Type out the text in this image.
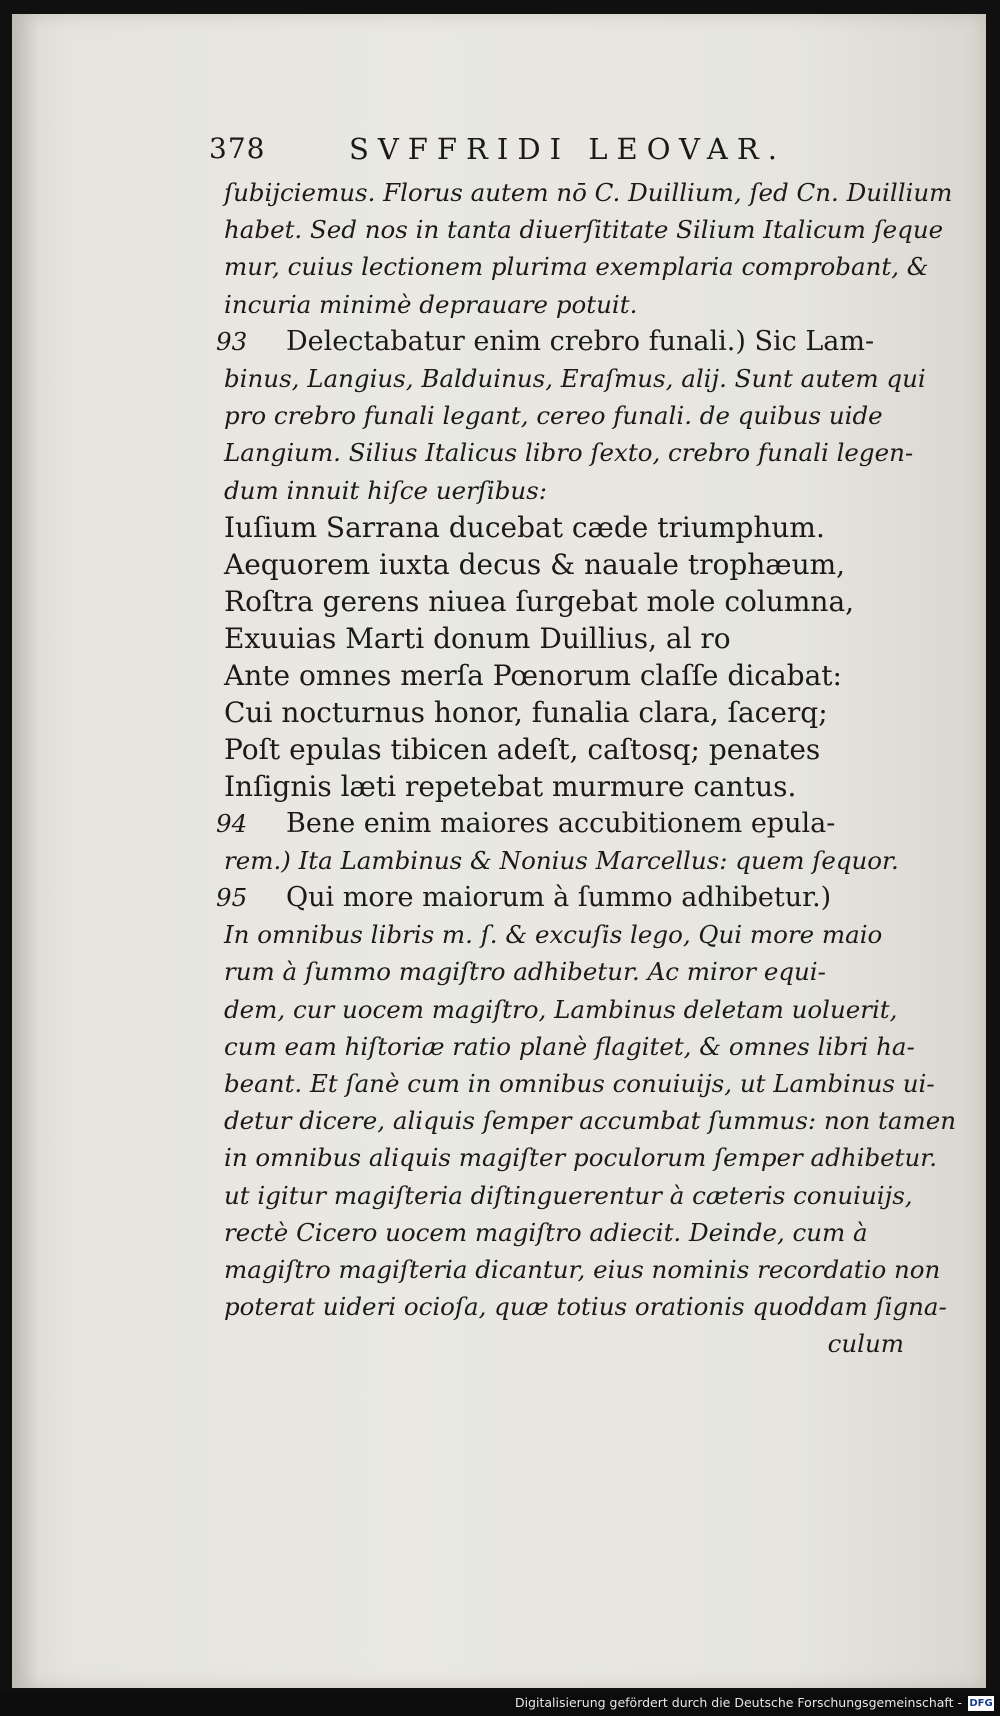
378	SVFFRIDI LEOVAR.
ſubijciemus. Florus autem nō C. Duillium, ſed Cn. Duillium
habet. Sed nos in tanta diuerſititate Silium Italicum ſeque
mur, cuius lectionem plurima exemplaria comprobant, &
incuria minimè deprauare potuit.
93 Delectabatur enim crebro funali.) Sic Lam-
binus, Langius, Balduinus, Eraſmus, alij. Sunt autem qui
pro crebro funali legant, cereo funali. de quibus uide
Langium. Silius Italicus libro ſexto, crebro funali legen-
dum innuit hiſce uerſibus:
Iuſium Sarrana ducebat cæde triumphum.
Aequorem iuxta decus & nauale trophæum,
Roſtra gerens niuea ſurgebat mole columna,
Exuuias Marti donum Duillius, al ro
Ante omnes merſa Pœnorum claſſe dicabat:
Cui nocturnus honor, funalia clara, ſacerq;
Poſt epulas tibicen adeſt, caſtosq; penates
Inſignis læti repetebat murmure cantus.
94 Bene enim maiores accubitionem epula-
rem.) Ita Lambinus & Nonius Marcellus: quem ſequor.
95 Qui more maiorum à ſummo adhibetur.)
In omnibus libris m. ſ. & excuſis lego, Qui more maio
rum à ſummo magiſtro adhibetur. Ac miror equi-
dem, cur uocem magiſtro, Lambinus deletam uoluerit,
cum eam hiſtoriæ ratio planè flagitet, & omnes libri ha-
beant. Et ſanè cum in omnibus conuiuijs, ut Lambinus ui-
detur dicere, aliquis ſemper accumbat ſummus: non tamen
in omnibus aliquis magiſter poculorum ſemper adhibetur.
ut igitur magiſteria diſtinguerentur à cæteris conuiuijs,
rectè Cicero uocem magiſtro adiecit. Deinde, cum à
magiſtro magiſteria dicantur, eius nominis recordatio non
poterat uideri ocioſa, quæ totius orationis quoddam ſigna-
culum
Digitalisierung gefördert durch die Deutsche Forschungsgemeinschaft - DFG
